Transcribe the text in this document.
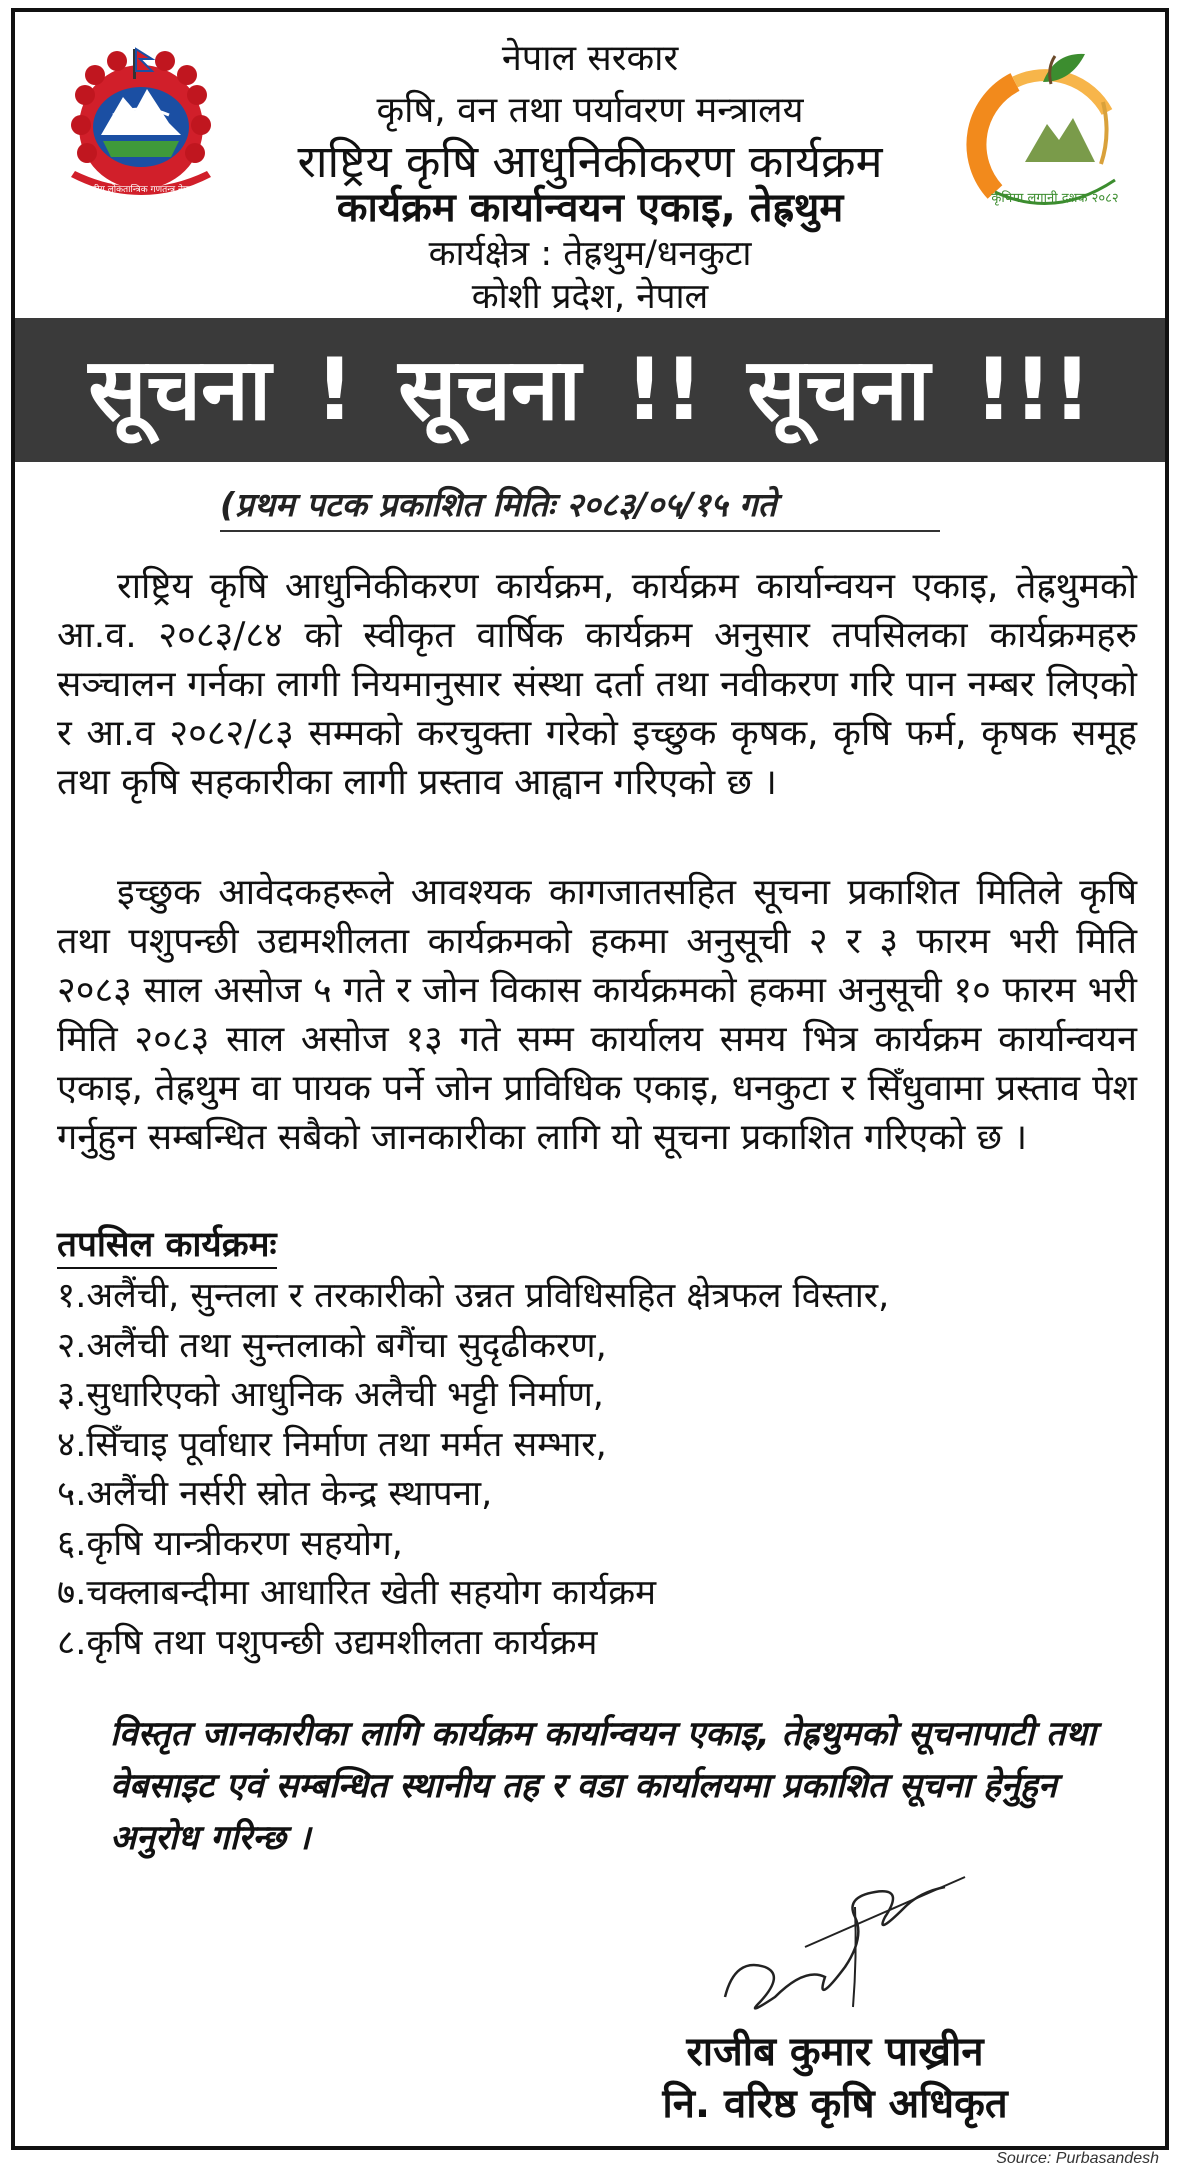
सङ्घीय लोकतान्त्रिक गणतन्त्र नेपाल
नेपाल सरकार
कृषि, वन तथा पर्यावरण मन्त्रालय
राष्ट्रिय कृषि आधुनिकीकरण कार्यक्रम
कार्यक्रम कार्यान्वयन एकाइ, तेह्रथुम
कार्यक्षेत्र : तेह्रथुम/धनकुटा
कोशी प्रदेश, नेपाल
कृषिमा लगानी दशक २०८२
सूचना ! सूचना !! सूचना !!!
(प्रथम पटक प्रकाशित मितिः २०८३/०५/१५ गते

राष्ट्रिय कृषि आधुनिकीकरण कार्यक्रम, कार्यक्रम कार्यान्वयन एकाइ, तेह्रथुमको आ.व. २०८३/८४ को स्वीकृत वार्षिक कार्यक्रम अनुसार तपसिलका कार्यक्रमहरु सञ्चालन गर्नका लागी नियमानुसार संस्था दर्ता तथा नवीकरण गरि पान नम्बर लिएको र आ.व २०८२/८३ सम्मको करचुक्ता गरेको इच्छुक कृषक, कृषि फर्म, कृषक समूह तथा कृषि सहकारीका लागी प्रस्ताव आह्वान गरिएको छ ।

इच्छुक आवेदकहरूले आवश्यक कागजातसहित सूचना प्रकाशित मितिले कृषि तथा पशुपन्छी उद्यमशीलता कार्यक्रमको हकमा अनुसूची २ र ३ फारम भरी मिति २०८३ साल असोज ५ गते र जोन विकास कार्यक्रमको हकमा अनुसूची १० फारम भरी मिति २०८३ साल असोज १३ गते सम्म कार्यालय समय भित्र कार्यक्रम कार्यान्वयन एकाइ, तेह्रथुम वा पायक पर्ने जोन प्राविधिक एकाइ, धनकुटा र सिँधुवामा प्रस्ताव पेश गर्नुहुन सम्बन्धित सबैको जानकारीका लागि यो सूचना प्रकाशित गरिएको छ ।

तपसिल कार्यक्रमः
१.अलैंची, सुन्तला र तरकारीको उन्नत प्रविधिसहित क्षेत्रफल विस्तार,
२.अलैंची तथा सुन्तलाको बगैंचा सुदृढीकरण,
३.सुधारिएको आधुनिक अलैची भट्टी निर्माण,
४.सिँचाइ पूर्वाधार निर्माण तथा मर्मत सम्भार,
५.अलैंची नर्सरी स्रोत केन्द्र स्थापना,
६.कृषि यान्त्रीकरण सहयोग,
७.चक्लाबन्दीमा आधारित खेती सहयोग कार्यक्रम
८.कृषि तथा पशुपन्छी उद्यमशीलता कार्यक्रम

विस्तृत जानकारीका लागि कार्यक्रम कार्यान्वयन एकाइ, तेह्रथुमको सूचनापाटी तथा वेबसाइट एवं सम्बन्धित स्थानीय तह र वडा कार्यालयमा प्रकाशित सूचना हेर्नुहुन अनुरोध गरिन्छ ।

राजीब कुमार पाख्रीन
नि. वरिष्ठ कृषि अधिकृत
Source: Purbasandesh
